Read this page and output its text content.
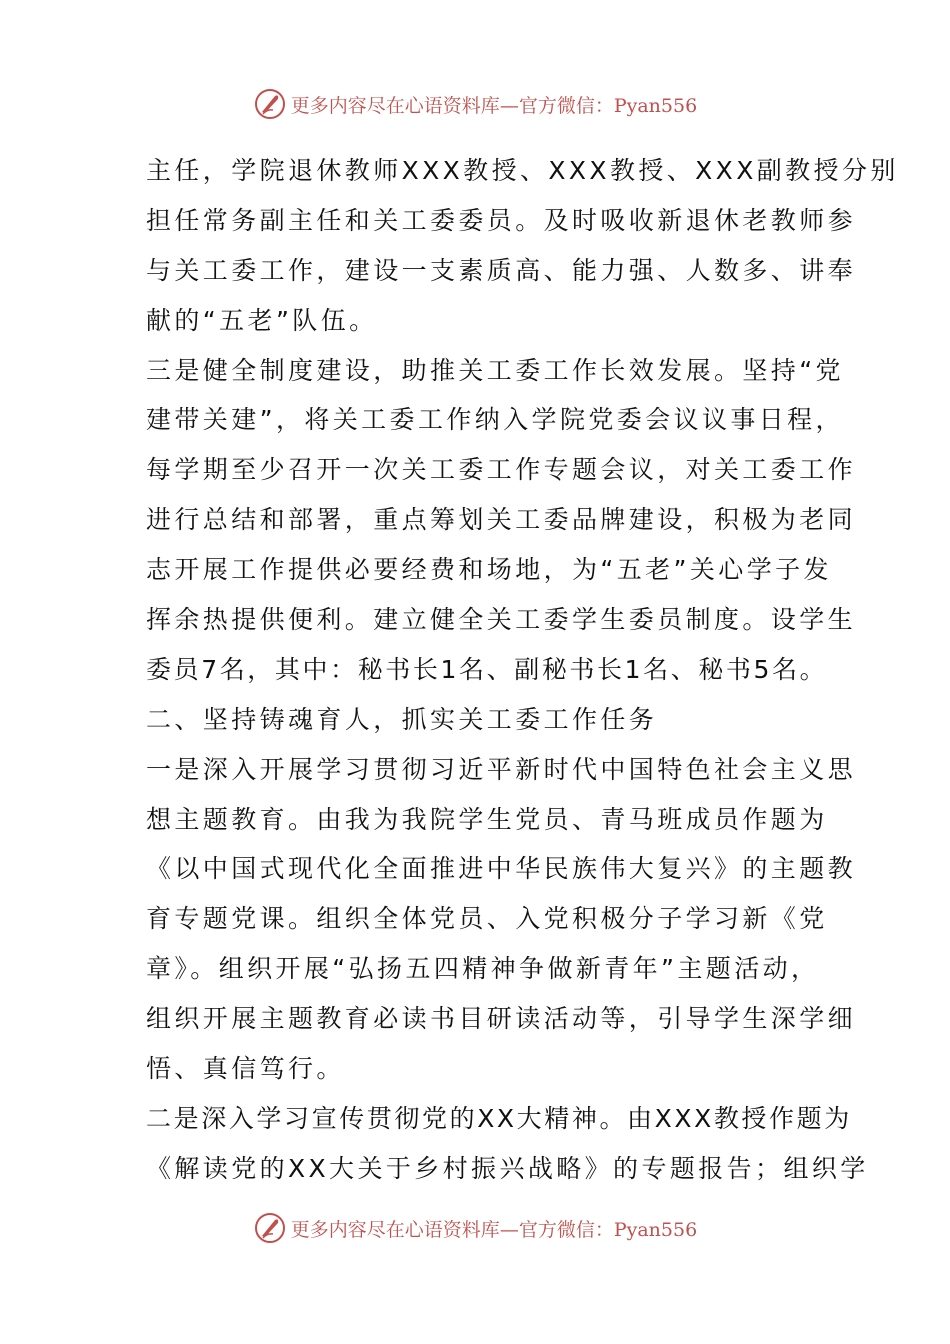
更多内容尽在心语资料库—官方微信：Pyan556
主任，学院退休教师XXX教授、XXX教授、XXX副教授分别
担任常务副主任和关工委委员。及时吸收新退休老教师参
与关工委工作，建设一支素质高、能力强、人数多、讲奉
献的“五老”队伍。
三是健全制度建设，助推关工委工作长效发展。坚持“党
建带关建”，将关工委工作纳入学院党委会议议事日程，
每学期至少召开一次关工委工作专题会议，对关工委工作
进行总结和部署，重点筹划关工委品牌建设，积极为老同
志开展工作提供必要经费和场地，为“五老”关心学子发
挥余热提供便利。建立健全关工委学生委员制度。设学生
委员7名，其中：秘书长1名、副秘书长1名、秘书5名。
二、坚持铸魂育人，抓实关工委工作任务
一是深入开展学习贯彻习近平新时代中国特色社会主义思
想主题教育。由我为我院学生党员、青马班成员作题为
《以中国式现代化全面推进中华民族伟大复兴》的主题教
育专题党课。组织全体党员、入党积极分子学习新《党
章》。组织开展“弘扬五四精神争做新青年”主题活动，
组织开展主题教育必读书目研读活动等，引导学生深学细
悟、真信笃行。
二是深入学习宣传贯彻党的XX大精神。由XXX教授作题为
《解读党的XX大关于乡村振兴战略》的专题报告；组织学
更多内容尽在心语资料库—官方微信：Pyan556
